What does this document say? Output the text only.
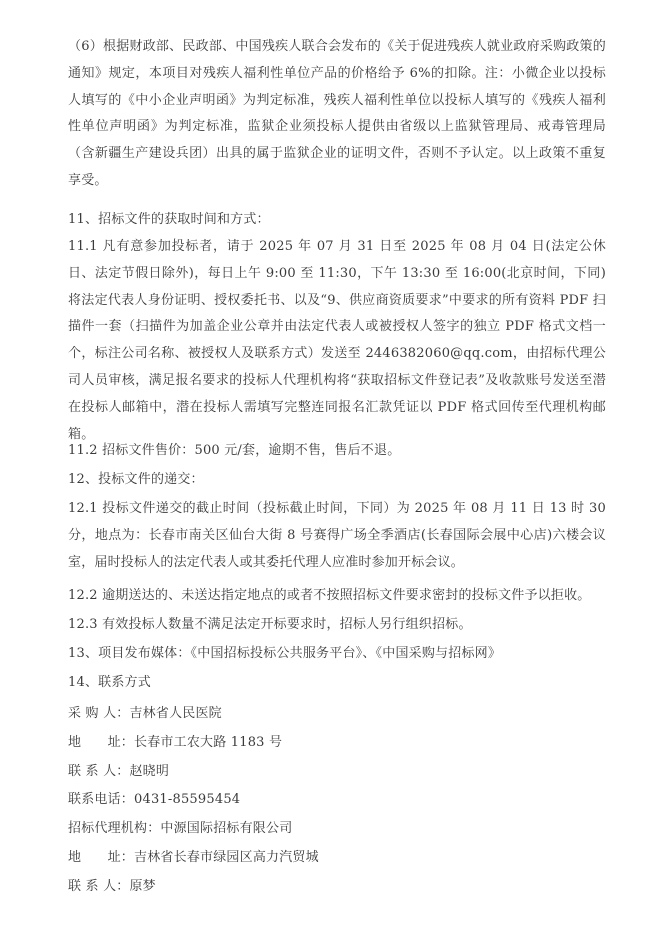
（6）根据财政部、民政部、中国残疾人联合会发布的《关于促进残疾人就业政府采购政策的通知》规定，本项目对残疾人福利性单位产品的价格给予 6%的扣除。注：小微企业以投标人填写的《中小企业声明函》为判定标准，残疾人福利性单位以投标人填写的《残疾人福利性单位声明函》为判定标准，监狱企业须投标人提供由省级以上监狱管理局、戒毒管理局（含新疆生产建设兵团）出具的属于监狱企业的证明文件，否则不予认定。以上政策不重复享受。

11、招标文件的获取时间和方式：

11.1 凡有意参加投标者，请于 2025 年 07 月 31 日至 2025 年 08 月 04 日(法定公休日、法定节假日除外)，每日上午 9:00 至 11:30，下午 13:30 至 16:00(北京时间，下同) 将法定代表人身份证明、授权委托书、以及“9、供应商资质要求”中要求的所有资料 PDF 扫描件一套（扫描件为加盖企业公章并由法定代表人或被授权人签字的独立 PDF 格式文档一个，标注公司名称、被授权人及联系方式）发送至 2446382060@qq.com，由招标代理公司人员审核，满足报名要求的投标人代理机构将“获取招标文件登记表”及收款账号发送至潜在投标人邮箱中，潜在投标人需填写完整连同报名汇款凭证以 PDF 格式回传至代理机构邮箱。

11.2 招标文件售价：500 元/套，逾期不售，售后不退。

12、投标文件的递交：

12.1 投标文件递交的截止时间（投标截止时间，下同）为 2025 年 08 月 11 日 13 时 30 分，地点为：长春市南关区仙台大街 8 号赛得广场全季酒店(长春国际会展中心店)六楼会议室，届时投标人的法定代表人或其委托代理人应准时参加开标会议。

12.2 逾期送达的、未送达指定地点的或者不按照招标文件要求密封的投标文件予以拒收。

12.3 有效投标人数量不满足法定开标要求时，招标人另行组织招标。

13、项目发布媒体：《中国招标投标公共服务平台》、《中国采购与招标网》

14、联系方式

采 购 人：吉林省人民医院
地　　址：长春市工农大路 1183 号
联 系 人：赵晓明
联系电话：0431-85595454
招标代理机构：中源国际招标有限公司
地　　址：吉林省长春市绿园区高力汽贸城
联 系 人：原梦
